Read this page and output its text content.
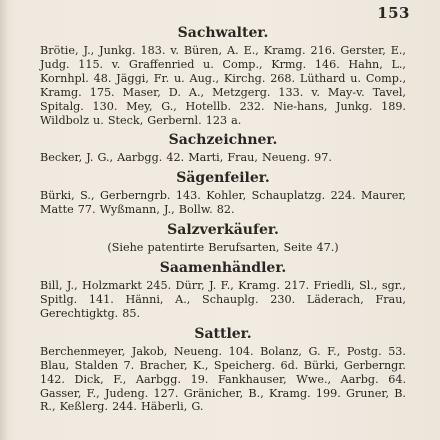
153
Sachwalter.
Brötie, J., Junkg. 183. v. Büren, A. E., Kramg. 216. Gerster, E., Judg. 115. v. Graffenried u. Comp., Krmg. 146. Hahn, L., Kornhpl. 48. Jäggi, Fr. u. Aug., Kirchg. 268. Lüthard u. Comp., Kramg. 175. Maser, D. A., Metzgerg. 133. v. May-v. Tavel, Spitalg. 130. Mey, G., Hotellb. 232. Nie-hans, Junkg. 189. Wildbolz u. Steck, Gerbernl. 123 a.
Sachzeichner.
Becker, J. G., Aarbgg. 42. Marti, Frau, Neueng. 97.
Sägenfeiler.
Bürki, S., Gerberngrb. 143. Kohler, Schauplatzg. 224. Maurer, Matte 77. Wyßmann, J., Bollw. 82.
Salzverkäufer.
(Siehe patentirte Berufsarten, Seite 47.)
Saamenhändler.
Bill, J., Holzmarkt 245. Dürr, J. F., Kramg. 217. Friedli, Sl., sgr., Spitlg. 141. Hänni, A., Schauplg. 230. Läderach, Frau, Gerechtigktg. 85.
Sattler.
Berchenmeyer, Jakob, Neueng. 104. Bolanz, G. F., Postg. 53. Blau, Stalden 7. Bracher, K., Speicherg. 6d. Bürki, Gerberngr. 142. Dick, F., Aarbgg. 19. Fankhauser, Wwe., Aarbg. 64. Gasser, F., Judeng. 127. Gränicher, B., Kramg. 199. Gruner, B. R., Keßlerg. 244. Häberli, G.
